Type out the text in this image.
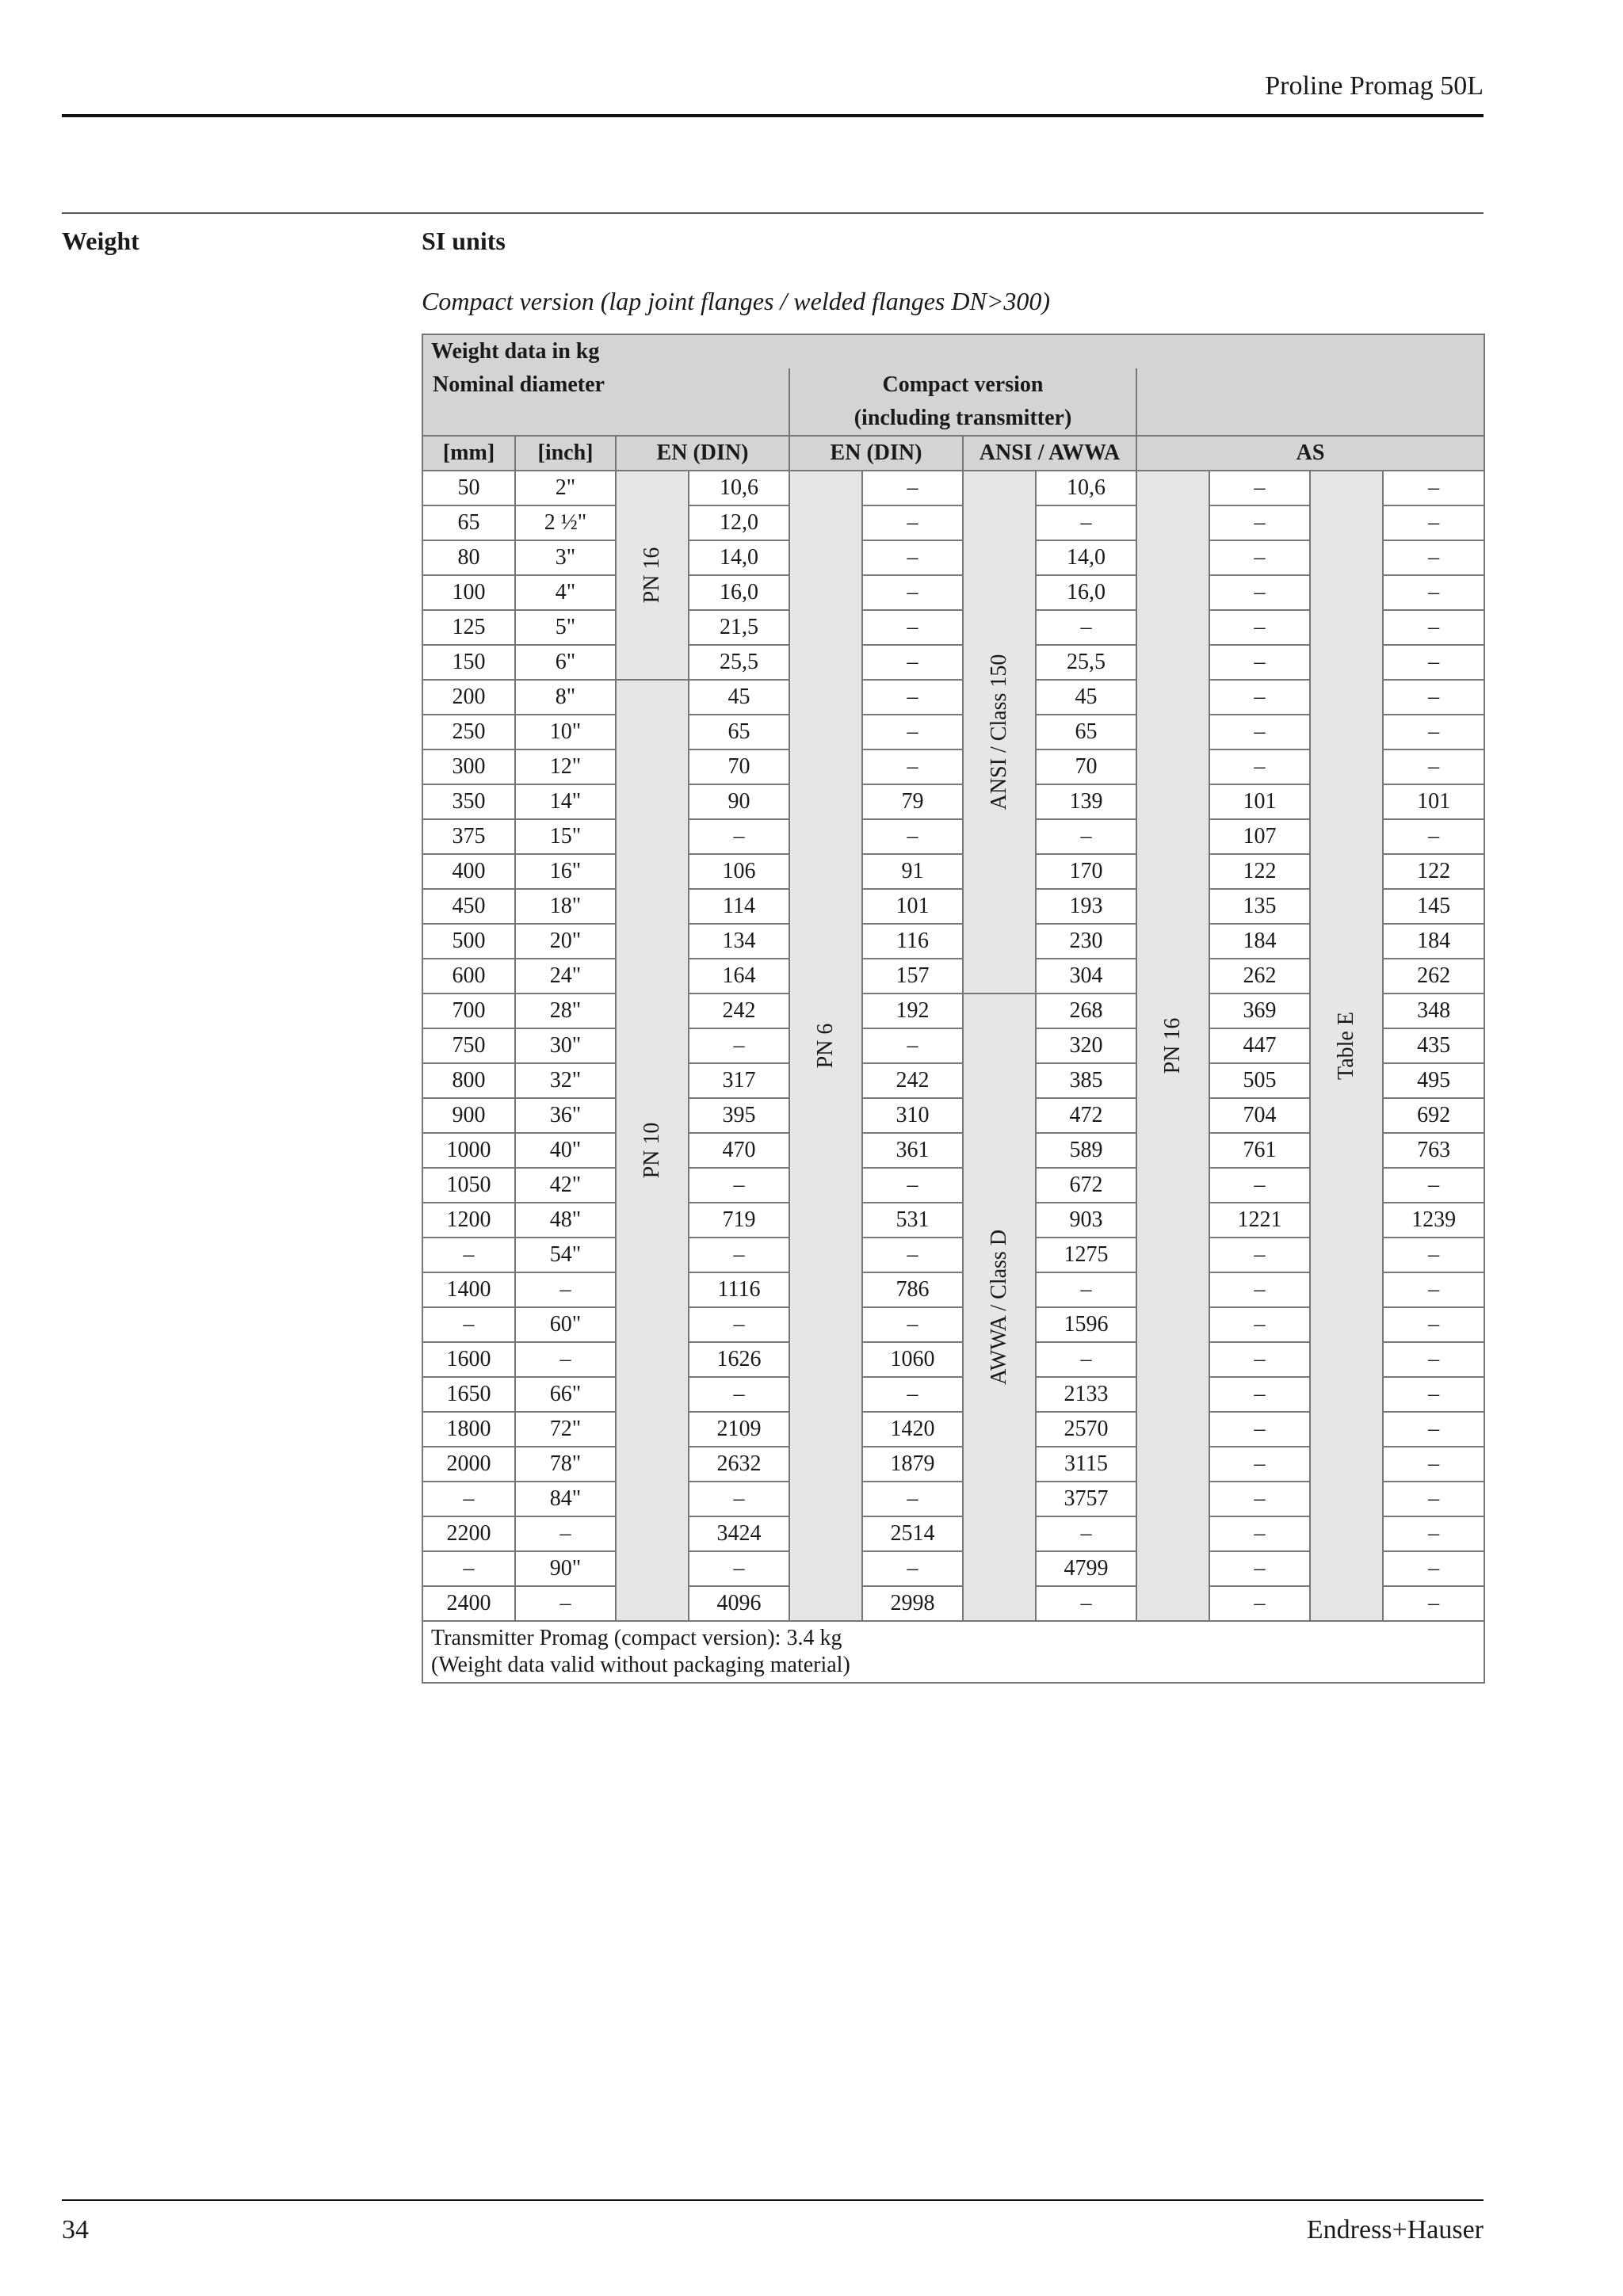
Proline Promag 50L
Weight	SI units
Compact version (lap joint flanges / welded flanges DN>300)
Weight data in kg											
Nominal diameter				Compact version							
				(including transmitter)							
[mm]	[inch]	EN (DIN)		EN (DIN)		ANSI / AWWA		AS			
50	2"	PN 16	10,6	PN 6	–	ANSI / Class 150	10,6	PN 16	–	Table E	–
65	2 ½"		12,0		–		–		–		–
80	3"		14,0		–		14,0		–		–
100	4"		16,0		–		16,0		–		–
125	5"		21,5		–		–		–		–
150	6"		25,5		–		25,5		–		–
200	8"	PN 10	45		–		45		–		–
250	10"		65		–		65		–		–
300	12"		70		–		70		–		–
350	14"		90		79		139		101		101
375	15"		–		–		–		107		–
400	16"		106		91		170		122		122
450	18"		114		101		193		135		145
500	20"		134		116		230		184		184
600	24"		164		157		304		262		262
700	28"		242		192	AWWA / Class D	268		369		348
750	30"		–		–		320		447		435
800	32"		317		242		385		505		495
900	36"		395		310		472		704		692
1000	40"		470		361		589		761		763
1050	42"		–		–		672		–		–
1200	48"		719		531		903		1221		1239
–	54"		–		–		1275		–		–
1400	–		1116		786		–		–		–
–	60"		–		–		1596		–		–
1600	–		1626		1060		–		–		–
1650	66"		–		–		2133		–		–
1800	72"		2109		1420		2570		–		–
2000	78"		2632		1879		3115		–		–
–	84"		–		–		3757		–		–
2200	–		3424		2514		–		–		–
–	90"		–		–		4799		–		–
2400	–		4096		2998		–		–		–

Transmitter Promag (compact version): 3.4 kg
(Weight data valid without packaging material)											
34	Endress+Hauser
